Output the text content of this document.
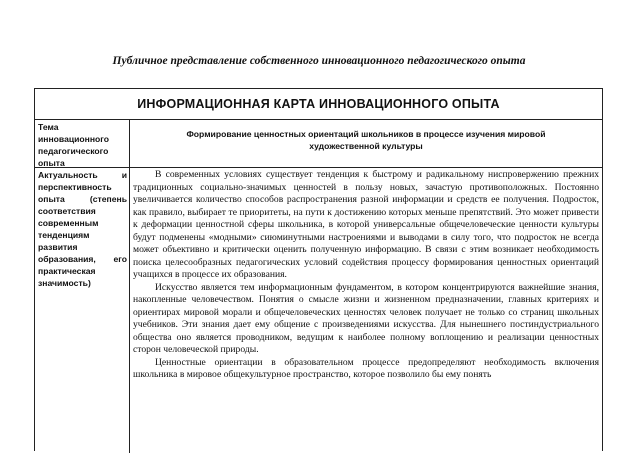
Публичное представление собственного инновационного педагогического опыта
ИНФОРМАЦИОННАЯ КАРТА ИННОВАЦИОННОГО ОПЫТА
Тема инновационного педагогического опыта
Формирование ценностных ориентаций школьников в процессе изучения мировой художественной культуры
Актуальность и перспективность опыта (степень соответствия современным тенденциям развития образования, его практическая значимость)

В современных условиях существует тенденция к быстрому и радикальному ниспровержению прежних традиционных социально-значимых ценностей в пользу новых, зачастую противоположных. Постоянно увеличивается количество способов распространения разной информации и средств ее получения. Подросток, как правило, выбирает те приоритеты, на пути к достижению которых меньше препятствий. Это может привести к деформации ценностной сферы школьника, в которой универсальные общечеловеческие ценности культуры будут подменены «модными» сиюминутными настроениями и выводами в силу того, что подросток не всегда может объективно и критически оценить полученную информацию. В связи с этим возникает необходимость поиска целесообразных педагогических условий содействия процессу формирования ценностных ориентаций учащихся в процессе их образования.

Искусство является тем информационным фундаментом, в котором концентрируются важнейшие знания, накопленные человечеством. Понятия о смысле жизни и жизненном предназначении, главных критериях и ориентирах мировой морали и общечеловеческих ценностях человек получает не только со страниц школьных учебников. Эти знания дает ему общение с произведениями искусства. Для нынешнего постиндустриального общества оно является проводником, ведущим к наиболее полному воплощению и реализации ценностных сторон человеческой природы.

Ценностные ориентации в образовательном процессе предопределяют необходимость включения школьника в мировое общекультурное пространство, которое позволило бы ему понять
